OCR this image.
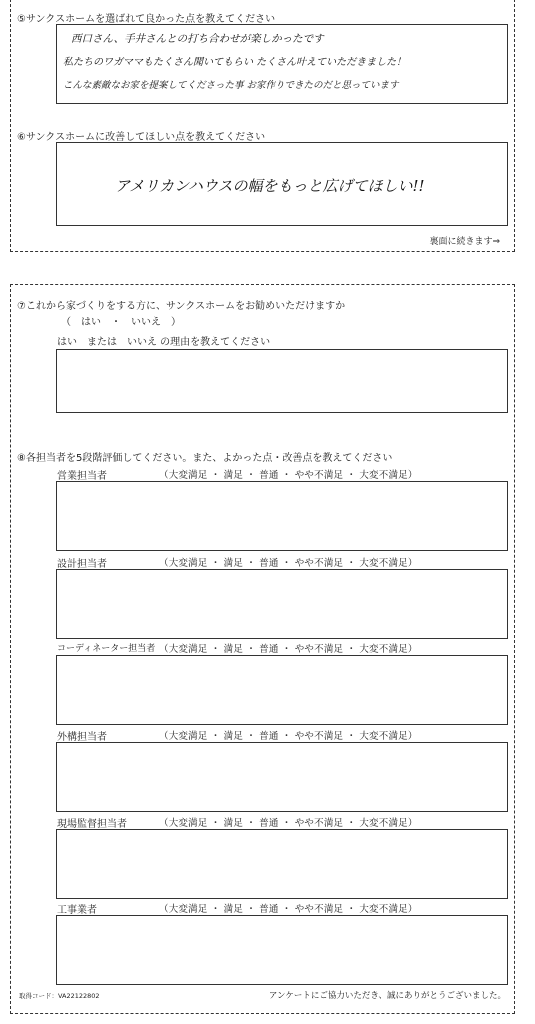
⑤サンクスホームを選ばれて良かった点を教えてください
西口さん、手井さんとの打ち合わせが楽しかったです
私たちのワガママもたくさん聞いてもらい たくさん叶えていただきました！
こんな素敵なお家を提案してくださった事 お家作りできたのだと思っています
⑥サンクスホームに改善してほしい点を教えてください
アメリカンハウスの幅をもっと広げてほしい!!
裏面に続きます⇒
⑦これから家づくりをする方に、サンクスホームをお勧めいただけますか
（　はい　・　いいえ　）
はい　または　いいえ の理由を教えてください
⑧各担当者を5段階評価してください。また、よかった点・改善点を教えてください
営業担当者	（大変満足 ・ 満足 ・ 普通 ・ やや不満足 ・ 大変不満足）
設計担当者	（大変満足 ・ 満足 ・ 普通 ・ やや不満足 ・ 大変不満足）
コーディネーター担当者 （大変満足 ・ 満足 ・ 普通 ・ やや不満足 ・ 大変不満足）
外構担当者	（大変満足 ・ 満足 ・ 普通 ・ やや不満足 ・ 大変不満足）
現場監督担当者	（大変満足 ・ 満足 ・ 普通 ・ やや不満足 ・ 大変不満足）
工事業者	（大変満足 ・ 満足 ・ 普通 ・ やや不満足 ・ 大変不満足）
取得コード：VA22122802	アンケートにご協力いただき、誠にありがとうございました。
